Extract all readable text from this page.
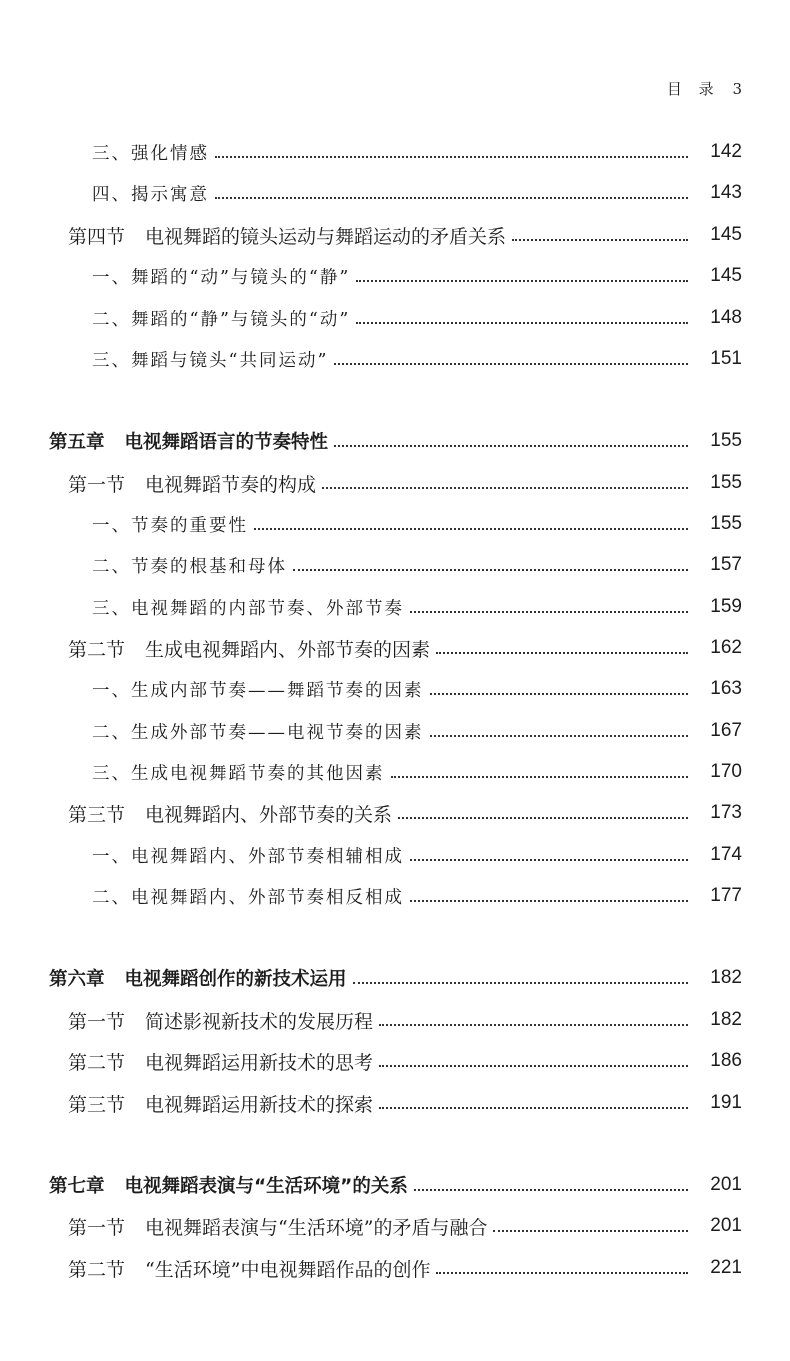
目 录 3
三、强化情感	142
四、揭示寓意	143
第四节 电视舞蹈的镜头运动与舞蹈运动的矛盾关系	145
一、舞蹈的“动”与镜头的“静”	145
二、舞蹈的“静”与镜头的“动”	148
三、舞蹈与镜头“共同运动”	151
第五章 电视舞蹈语言的节奏特性	155
第一节 电视舞蹈节奏的构成	155
一、节奏的重要性	155
二、节奏的根基和母体	157
三、电视舞蹈的内部节奏、外部节奏	159
第二节 生成电视舞蹈内、外部节奏的因素	162
一、生成内部节奏——舞蹈节奏的因素	163
二、生成外部节奏——电视节奏的因素	167
三、生成电视舞蹈节奏的其他因素	170
第三节 电视舞蹈内、外部节奏的关系	173
一、电视舞蹈内、外部节奏相辅相成	174
二、电视舞蹈内、外部节奏相反相成	177
第六章 电视舞蹈创作的新技术运用	182
第一节 简述影视新技术的发展历程	182
第二节 电视舞蹈运用新技术的思考	186
第三节 电视舞蹈运用新技术的探索	191
第七章 电视舞蹈表演与“生活环境”的关系	201
第一节 电视舞蹈表演与“生活环境”的矛盾与融合	201
第二节 “生活环境”中电视舞蹈作品的创作	221
